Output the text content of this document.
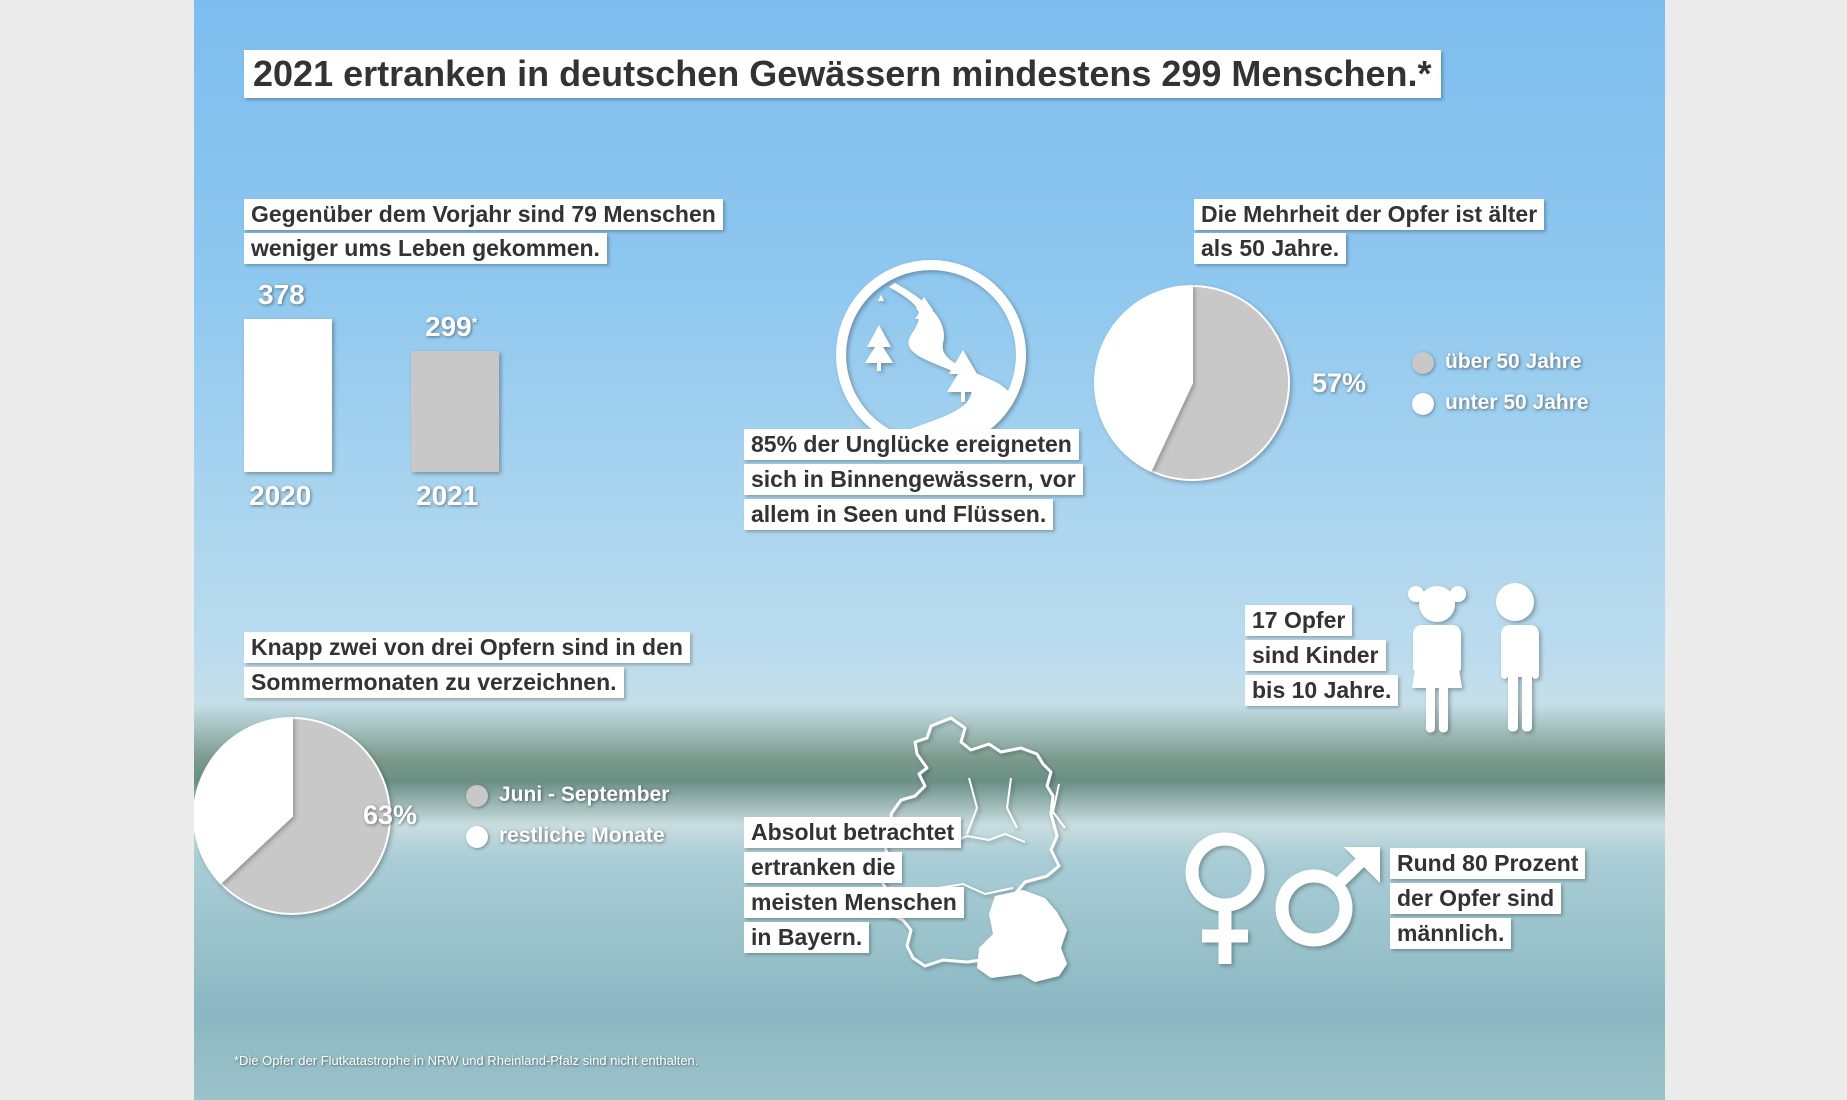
2021 ertranken in deutschen Gewässern mindestens 299 Menschen.*
Gegenüber dem Vorjahr sind 79 Menschen
weniger ums Leben gekommen.
378
2020
299*
2021
85% der Unglücke ereigneten
sich in Binnengewässern, vor
allem in Seen und Flüssen.
Die Mehrheit der Opfer ist älter
als 50 Jahre.
57%
über 50 Jahre
unter 50 Jahre
Knapp zwei von drei Opfern sind in den
Sommermonaten zu verzeichnen.
63%
Juni - September
restliche Monate
17 Opfer
sind Kinder
bis 10 Jahre.
Absolut betrachtet
ertranken die
meisten Menschen
in Bayern.
Rund 80 Prozent
der Opfer sind
männlich.
*Die Opfer der Flutkatastrophe in NRW und Rheinland-Pfalz sind nicht enthalten.
